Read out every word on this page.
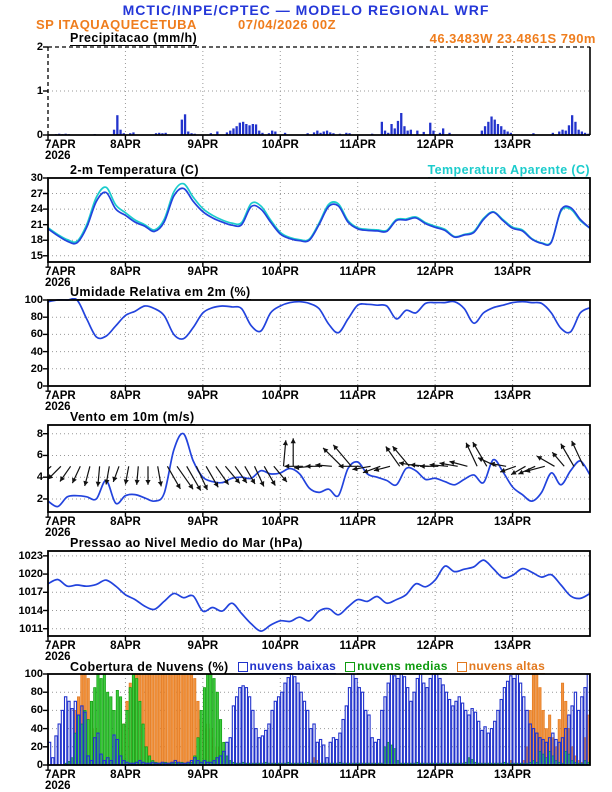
MCTIC/INPE/CPTEC — MODELO REGIONAL WRF
SP ITAQUAQUECETUBA	07/04/2026 00Z
46.3483W 23.4861S 790m
Precipitacao (mm/h)
2-m Temperatura (C)	Temperatura Aparente (C)
Umidade Relativa em 2m (%)
Vento em 10m (m/s)
Pressao ao Nivel Medio do Mar (hPa)
Cobertura de Nuvens (%) nuvens baixas nuvens medias nuvens altas
0
1
2
7APR
2026
8APR	9APR	10APR	11APR	12APR	13APR
15
18
21
24
27
30
7APR
2026
8APR	9APR	10APR	11APR	12APR	13APR
0
20
40
60
80
100
7APR
2026
8APR	9APR	10APR	11APR	12APR	13APR
2
4
6
8
7APR
2026
8APR	9APR	10APR	11APR	12APR	13APR
1011
1014
1017
1020
1023
7APR
2026
8APR	9APR	10APR	11APR	12APR	13APR
0
20
40
60
80
100
7APR
2026
8APR	9APR	10APR	11APR	12APR	13APR
